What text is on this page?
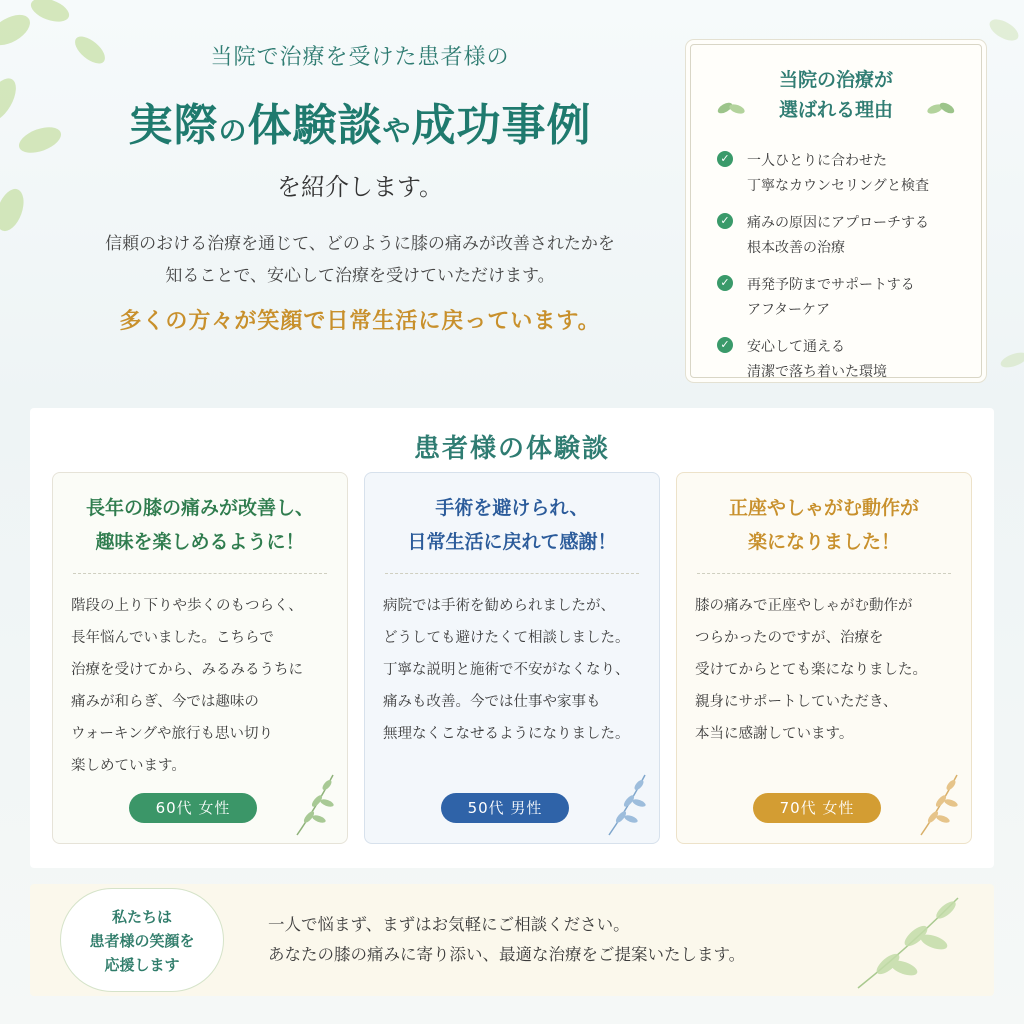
当院で治療を受けた患者様の
実際の体験談や成功事例
を紹介します。
信頼のおける治療を通じて、どのように膝の痛みが改善されたかを
知ることで、安心して治療を受けていただけます。
多くの方々が笑顔で日常生活に戻っています。
当院の治療が
選ばれる理由
✓ 一人ひとりに合わせた
丁寧なカウンセリングと検査
✓ 痛みの原因にアプローチする
根本改善の治療
✓ 再発予防までサポートする
アフターケア
✓ 安心して通える
清潔で落ち着いた環境
患者様の体験談
長年の膝の痛みが改善し、
趣味を楽しめるように！
階段の上り下りや歩くのもつらく、
長年悩んでいました。こちらで
治療を受けてから、みるみるうちに
痛みが和らぎ、今では趣味の
ウォーキングや旅行も思い切り
楽しめています。
60代 女性
手術を避けられ、
日常生活に戻れて感謝！
病院では手術を勧められましたが、
どうしても避けたくて相談しました。
丁寧な説明と施術で不安がなくなり、
痛みも改善。今では仕事や家事も
無理なくこなせるようになりました。
50代 男性
正座やしゃがむ動作が
楽になりました！
膝の痛みで正座やしゃがむ動作が
つらかったのですが、治療を
受けてからとても楽になりました。
親身にサポートしていただき、
本当に感謝しています。
70代 女性
私たちは
患者様の笑顔を
応援します
一人で悩まず、まずはお気軽にご相談ください。
あなたの膝の痛みに寄り添い、最適な治療をご提案いたします。
